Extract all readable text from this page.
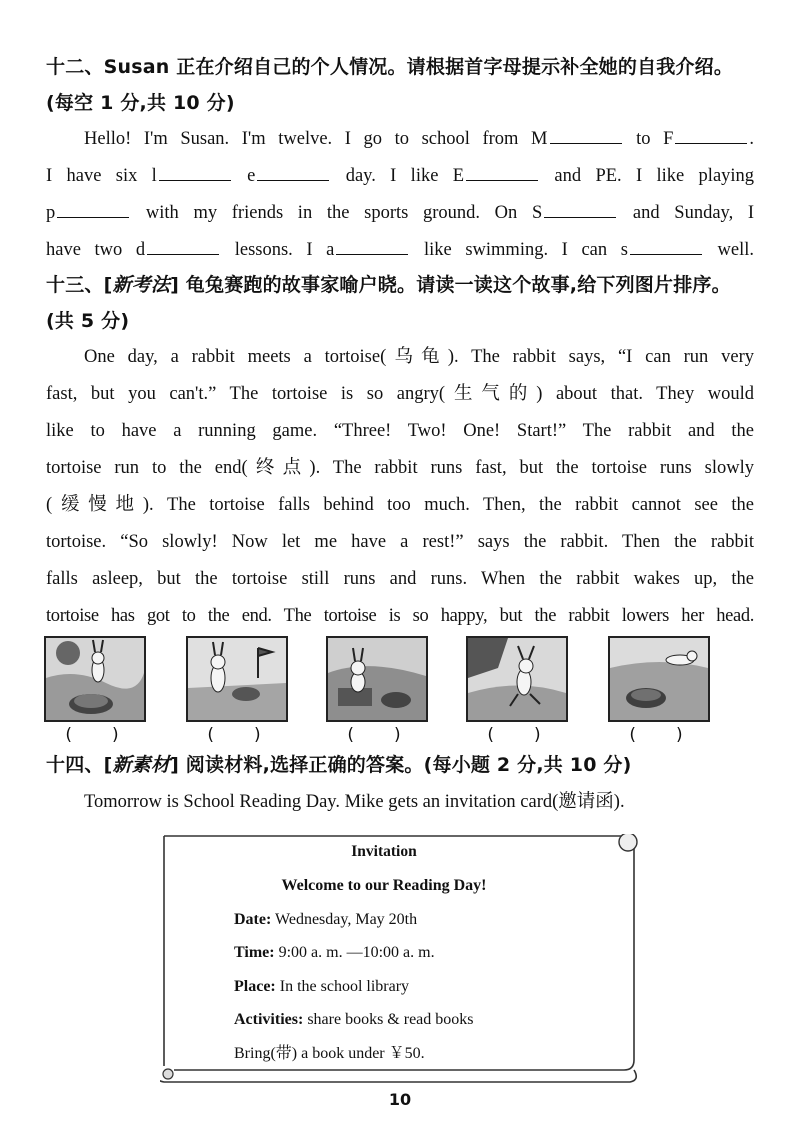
十二、Susan 正在介绍自己的个人情况。请根据首字母提示补全她的自我介绍。
(每空 1 分,共 10 分)
Hello! I'm Susan. I'm twelve. I go to school from M	to F	.
I have six l	e	day. I like E	and PE. I like playing
p	with my friends in the sports ground. On S	and Sunday, I
have two d	lessons. I a	like swimming. I can s	well.
十三、[新考法] 龟兔赛跑的故事家喻户晓。请读一读这个故事,给下列图片排序。
(共 5 分)
One day, a rabbit meets a tortoise(乌龟). The rabbit says, “I can run very
fast, but you can't.” The tortoise is so angry(生气的) about that. They would
like to have a running game. “Three! Two! One! Start!” The rabbit and the
tortoise run to the end(终点). The rabbit runs fast, but the tortoise runs slowly
(缓慢地). The tortoise falls behind too much. Then, the rabbit cannot see the
tortoise. “So slowly! Now let me have a rest!” says the rabbit. Then the rabbit
falls asleep, but the tortoise still runs and runs. When the rabbit wakes up, the
tortoise has got to the end. The tortoise is so happy, but the rabbit lowers her head.
(　　)	(　　)	(　　)	(　　)	(　　)
十四、[新素材] 阅读材料,选择正确的答案。(每小题 2 分,共 10 分)
Tomorrow is School Reading Day. Mike gets an invitation card(邀请函).
Invitation
Welcome to our Reading Day!
Date: Wednesday, May 20th
Time: 9:00 a. m. —10:00 a. m.
Place: In the school library
Activities: share books & read books
Bring(带) a book under ￥50.
10
